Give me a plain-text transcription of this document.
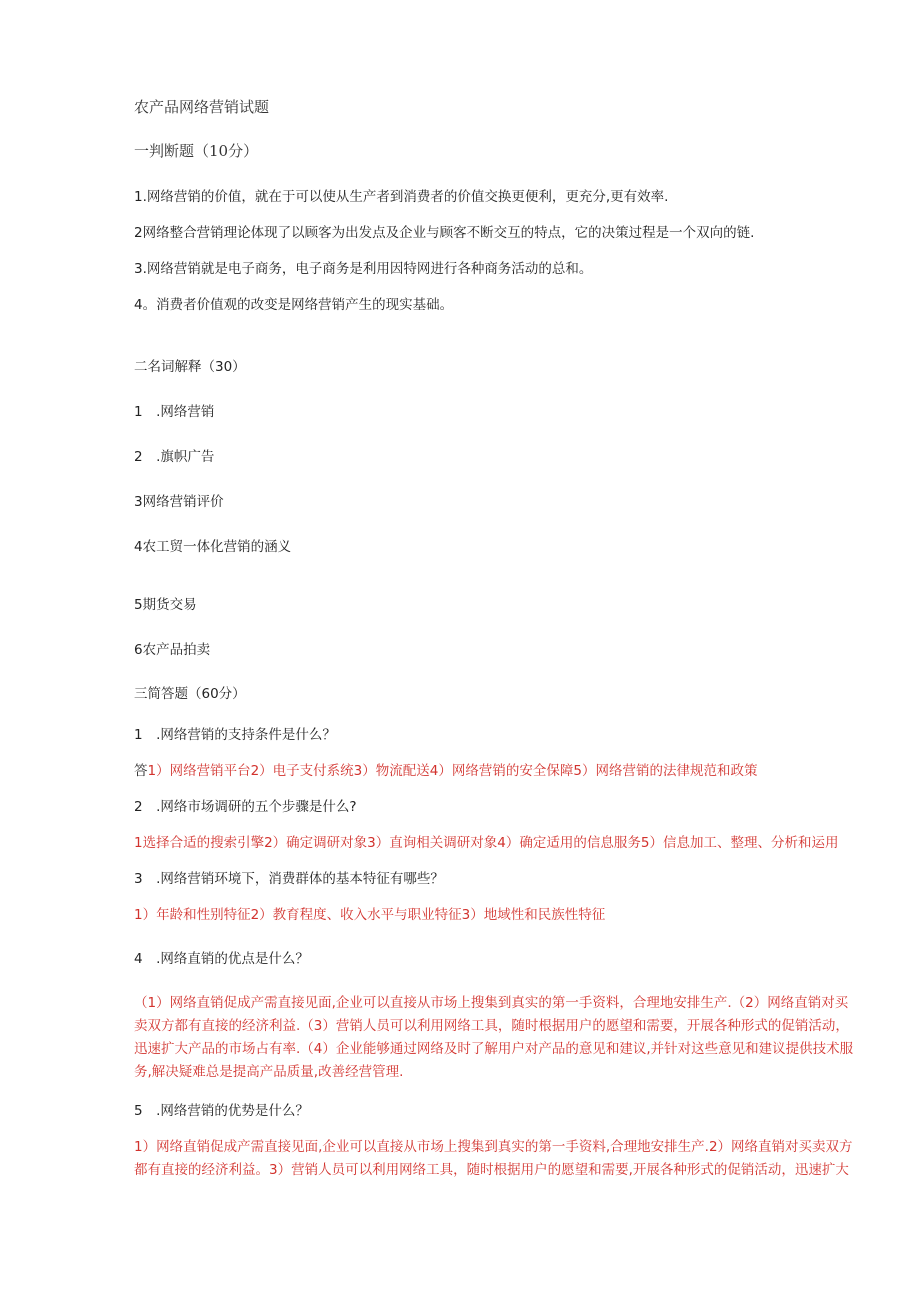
农产品网络营销试题
一判断题（10分）
1.网络营销的价值，就在于可以使从生产者到消费者的价值交换更便利，更充分,更有效率.
2网络整合营销理论体现了以顾客为出发点及企业与顾客不断交互的特点，它的决策过程是一个双向的链.
3.网络营销就是电子商务，电子商务是利用因特网进行各种商务活动的总和。
4。消费者价值观的改变是网络营销产生的现实基础。
二名词解释（30）
1　.网络营销
2　.旗帜广告
3网络营销评价
4农工贸一体化营销的涵义
5期货交易
6农产品拍卖
三简答题（60分）
1　.网络营销的支持条件是什么？
答1）网络营销平台2）电子支付系统3）物流配送4）网络营销的安全保障5）网络营销的法律规范和政策
2　.网络市场调研的五个步骤是什么?
1选择合适的搜索引擎2）确定调研对象3）直询相关调研对象4）确定适用的信息服务5）信息加工、整理、分析和运用
3　.网络营销环境下，消费群体的基本特征有哪些？
1）年龄和性别特征2）教育程度、收入水平与职业特征3）地域性和民族性特征
4　.网络直销的优点是什么？
（1）网络直销促成产需直接见面,企业可以直接从市场上搜集到真实的第一手资料，合理地安排生产.（2）网络直销对买
卖双方都有直接的经济利益.（3）营销人员可以利用网络工具，随时根据用户的愿望和需要，开展各种形式的促销活动，
迅速扩大产品的市场占有率.（4）企业能够通过网络及时了解用户对产品的意见和建议,并针对这些意见和建议提供技术服
务,解决疑难总是提高产品质量,改善经营管理.
5　.网络营销的优势是什么？
1）网络直销促成产需直接见面,企业可以直接从市场上搜集到真实的第一手资料,合理地安排生产.2）网络直销对买卖双方
都有直接的经济利益。3）营销人员可以利用网络工具，随时根据用户的愿望和需要,开展各种形式的促销活动，迅速扩大
